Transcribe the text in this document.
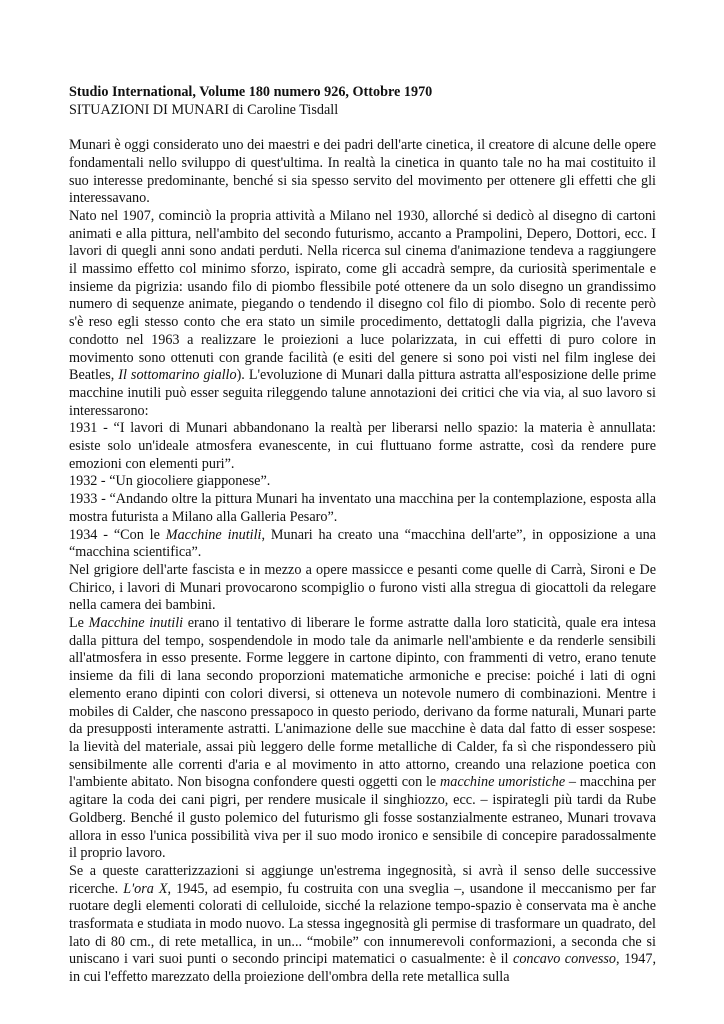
Studio International, Volume 180 numero 926, Ottobre 1970

SITUAZIONI DI MUNARI di Caroline Tisdall

Munari è oggi considerato uno dei maestri e dei padri dell'arte cinetica, il creatore di alcune delle opere fondamentali nello sviluppo di quest'ultima. In realtà la cinetica in quanto tale no ha mai costituito il suo interesse predominante, benché si sia spesso servito del movimento per ottenere gli effetti che gli interessavano.

Nato nel 1907, cominciò la propria attività a Milano nel 1930, allorché si dedicò al disegno di cartoni animati e alla pittura, nell'ambito del secondo futurismo, accanto a Prampolini, Depero, Dottori, ecc. I lavori di quegli anni sono andati perduti. Nella ricerca sul cinema d'animazione tendeva a raggiungere il massimo effetto col minimo sforzo, ispirato, come gli accadrà sempre, da curiosità sperimentale e insieme da pigrizia: usando filo di piombo flessibile poté ottenere da un solo disegno un grandissimo numero di sequenze animate, piegando o tendendo il disegno col filo di piombo. Solo di recente però s'è reso egli stesso conto che era stato un simile procedimento, dettatogli dalla pigrizia, che l'aveva condotto nel 1963 a realizzare le proiezioni a luce polarizzata, in cui effetti di puro colore in movimento sono ottenuti con grande facilità (e esiti del genere si sono poi visti nel film inglese dei Beatles, Il sottomarino giallo). L'evoluzione di Munari dalla pittura astratta all'esposizione delle prime macchine inutili può esser seguita rileggendo talune annotazioni dei critici che via via, al suo lavoro si interessarono:

1931 - “I lavori di Munari abbandonano la realtà per liberarsi nello spazio: la materia è annullata: esiste solo un'ideale atmosfera evanescente, in cui fluttuano forme astratte, così da rendere pure emozioni con elementi puri”.

1932 - “Un giocoliere giapponese”.

1933 - “Andando oltre la pittura Munari ha inventato una macchina per la contemplazione, esposta alla mostra futurista a Milano alla Galleria Pesaro”.

1934 - “Con le Macchine inutili, Munari ha creato una “macchina dell'arte”, in opposizione a una “macchina scientifica”.

Nel grigiore dell'arte fascista e in mezzo a opere massicce e pesanti come quelle di Carrà, Sironi e De Chirico, i lavori di Munari provocarono scompiglio o furono visti alla stregua di giocattoli da relegare nella camera dei bambini.

Le Macchine inutili erano il tentativo di liberare le forme astratte dalla loro staticità, quale era intesa dalla pittura del tempo, sospendendole in modo tale da animarle nell'ambiente e da renderle sensibili all'atmosfera in esso presente. Forme leggere in cartone dipinto, con frammenti di vetro, erano tenute insieme da fili di lana secondo proporzioni matematiche armoniche e precise: poiché i lati di ogni elemento erano dipinti con colori diversi, si otteneva un notevole numero di combinazioni. Mentre i mobiles di Calder, che nascono pressapoco in questo periodo, derivano da forme naturali, Munari parte da presupposti interamente astratti. L'animazione delle sue macchine è data dal fatto di esser sospese: la lievità del materiale, assai più leggero delle forme metalliche di Calder, fa sì che rispondessero più sensibilmente alle correnti d'aria e al movimento in atto attorno, creando una relazione poetica con l'ambiente abitato. Non bisogna confondere questi oggetti con le macchine umoristiche – macchina per agitare la coda dei cani pigri, per rendere musicale il singhiozzo, ecc. – ispirategli più tardi da Rube Goldberg. Benché il gusto polemico del futurismo gli fosse sostanzialmente estraneo, Munari trovava allora in esso l'unica possibilità viva per il suo modo ironico e sensibile di concepire paradossalmente il proprio lavoro.

Se a queste caratterizzazioni si aggiunge un'estrema ingegnosità, si avrà il senso delle successive ricerche. L'ora X, 1945, ad esempio, fu costruita con una sveglia –, usandone il meccanismo per far ruotare degli elementi colorati di celluloide, sicché la relazione tempo-spazio è conservata ma è anche trasformata e studiata in modo nuovo. La stessa ingegnosità gli permise di trasformare un quadrato, del lato di 80 cm., di rete metallica, in un... “mobile” con innumerevoli conformazioni, a seconda che si uniscano i vari suoi punti o secondo principi matematici o casualmente: è il concavo convesso, 1947, in cui l'effetto marezzato della proiezione dell'ombra della rete metallica sulla
